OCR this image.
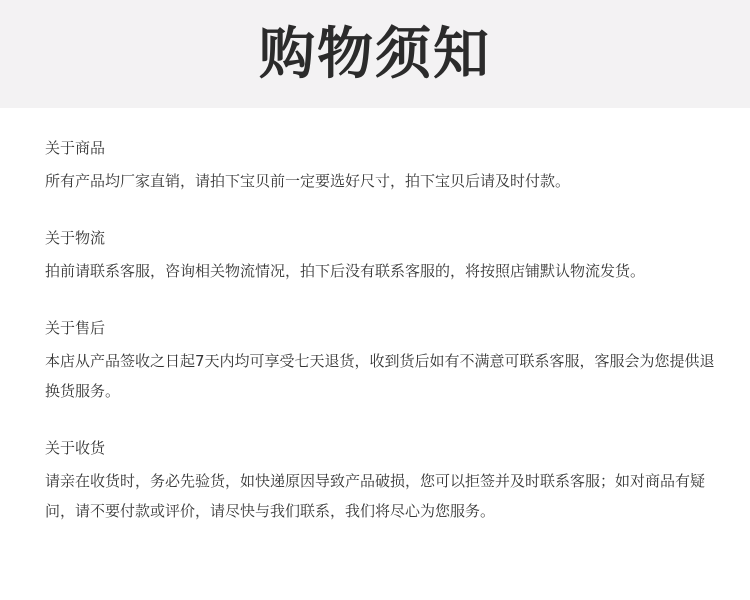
购物须知

关于商品

所有产品均厂家直销，请拍下宝贝前一定要选好尺寸，拍下宝贝后请及时付款。

关于物流

拍前请联系客服，咨询相关物流情况，拍下后没有联系客服的，将按照店铺默认物流发货。

关于售后

本店从产品签收之日起7天内均可享受七天退货，收到货后如有不满意可联系客服，客服会为您提供退换货服务。

关于收货

请亲在收货时，务必先验货，如快递原因导致产品破损，您可以拒签并及时联系客服；如对商品有疑问，请不要付款或评价，请尽快与我们联系，我们将尽心为您服务。
